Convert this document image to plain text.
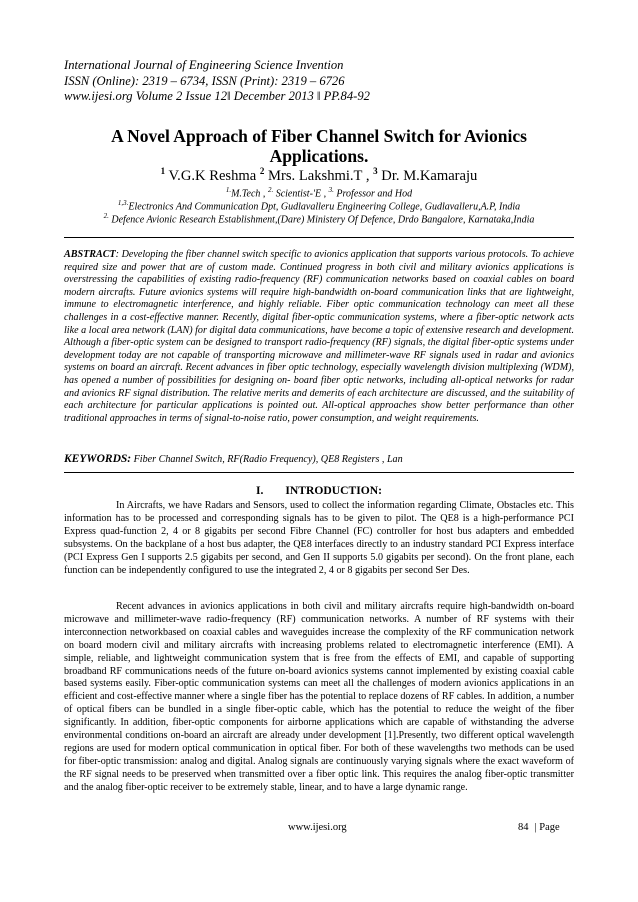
International Journal of Engineering Science Invention
ISSN (Online): 2319 – 6734, ISSN (Print): 2319 – 6726
www.ijesi.org Volume 2 Issue 12ǁ December 2013 ǁ PP.84-92
A Novel Approach of Fiber Channel Switch for Avionics
Applications.
$^1$ V.G.K Reshma $^2$ Mrs. Lakshmi.T , $^3$ Dr. M.Kamaraju
$^{1.}$M.Tech , $^{2.}$ Scientist-'E , $^{3.}$ Professor and Hod
$^{1,3.}$Electronics And Communication Dpt, Gudlavalleru Engineering College, Gudlavalleru,A.P, India
$^{2.}$ Defence Avionic Research Establishment,(Dare) Ministery Of Defence, Drdo Bangalore, Karnataka,India
ABSTRACT: Developing the fiber channel switch specific to avionics application that supports various protocols. To achieve required size and power that are of custom made. Continued progress in both civil and military avionics applications is overstressing the capabilities of existing radio-frequency (RF) communication networks based on coaxial cables on board modern aircrafts. Future avionics systems will require high-bandwidth on-board communication links that are lightweight, immune to electromagnetic interference, and highly reliable. Fiber optic communication technology can meet all these challenges in a cost-effective manner. Recently, digital fiber-optic communication systems, where a fiber-optic network acts like a local area network (LAN) for digital data communications, have become a topic of extensive research and development. Although a fiber-optic system can be designed to transport radio-frequency (RF) signals, the digital fiber-optic systems under development today are not capable of transporting microwave and millimeter-wave RF signals used in radar and avionics systems on board an aircraft. Recent advances in fiber optic technology, especially wavelength division multiplexing (WDM), has opened a number of possibilities for designing on- board fiber optic networks, including all-optical networks for radar and avionics RF signal distribution. The relative merits and demerits of each architecture are discussed, and the suitability of each architecture for particular applications is pointed out. All-optical approaches show better performance than other traditional approaches in terms of signal-to-noise ratio, power consumption, and weight requirements.
KEYWORDS: Fiber Channel Switch, RF(Radio Frequency), QE8 Registers , Lan
I. INTRODUCTION:
In Aircrafts, we have Radars and Sensors, used to collect the information regarding Climate, Obstacles etc. This information has to be processed and corresponding signals has to be given to pilot. The QE8 is a high-performance PCI Express quad-function 2, 4 or 8 gigabits per second Fibre Channel (FC) controller for host bus adapters and embedded subsystems. On the backplane of a host bus adapter, the QE8 interfaces directly to an industry standard PCI Express interface (PCI Express Gen I supports 2.5 gigabits per second, and Gen II supports 5.0 gigabits per second). On the front plane, each function can be independently configured to use the integrated 2, 4 or 8 gigabits per second Ser Des.
Recent advances in avionics applications in both civil and military aircrafts require high-bandwidth on-board microwave and millimeter-wave radio-frequency (RF) communication networks. A number of RF systems with their interconnection networkbased on coaxial cables and waveguides increase the complexity of the RF communication network on board modern civil and military aircrafts with increasing problems related to electromagnetic interference (EMI). A simple, reliable, and lightweight communication system that is free from the effects of EMI, and capable of supporting broadband RF communications needs of the future on-board avionics systems cannot implemented by existing coaxial cable based systems easily. Fiber-optic communication systems can meet all the challenges of modern avionics applications in an efficient and cost-effective manner where a single fiber has the potential to replace dozens of RF cables. In addition, a number of optical fibers can be bundled in a single fiber-optic cable, which has the potential to reduce the weight of the fiber significantly. In addition, fiber-optic components for airborne applications which are capable of withstanding the adverse environmental conditions on-board an aircraft are already under development [1].Presently, two different optical wavelength regions are used for modern optical communication in optical fiber. For both of these wavelengths two methods can be used for fiber-optic transmission: analog and digital. Analog signals are continuously varying signals where the exact waveform of the RF signal needs to be preserved when transmitted over a fiber optic link. This requires the analog fiber-optic transmitter and the analog fiber-optic receiver to be extremely stable, linear, and to have a large dynamic range.
www.ijesi.org	84 | Page
